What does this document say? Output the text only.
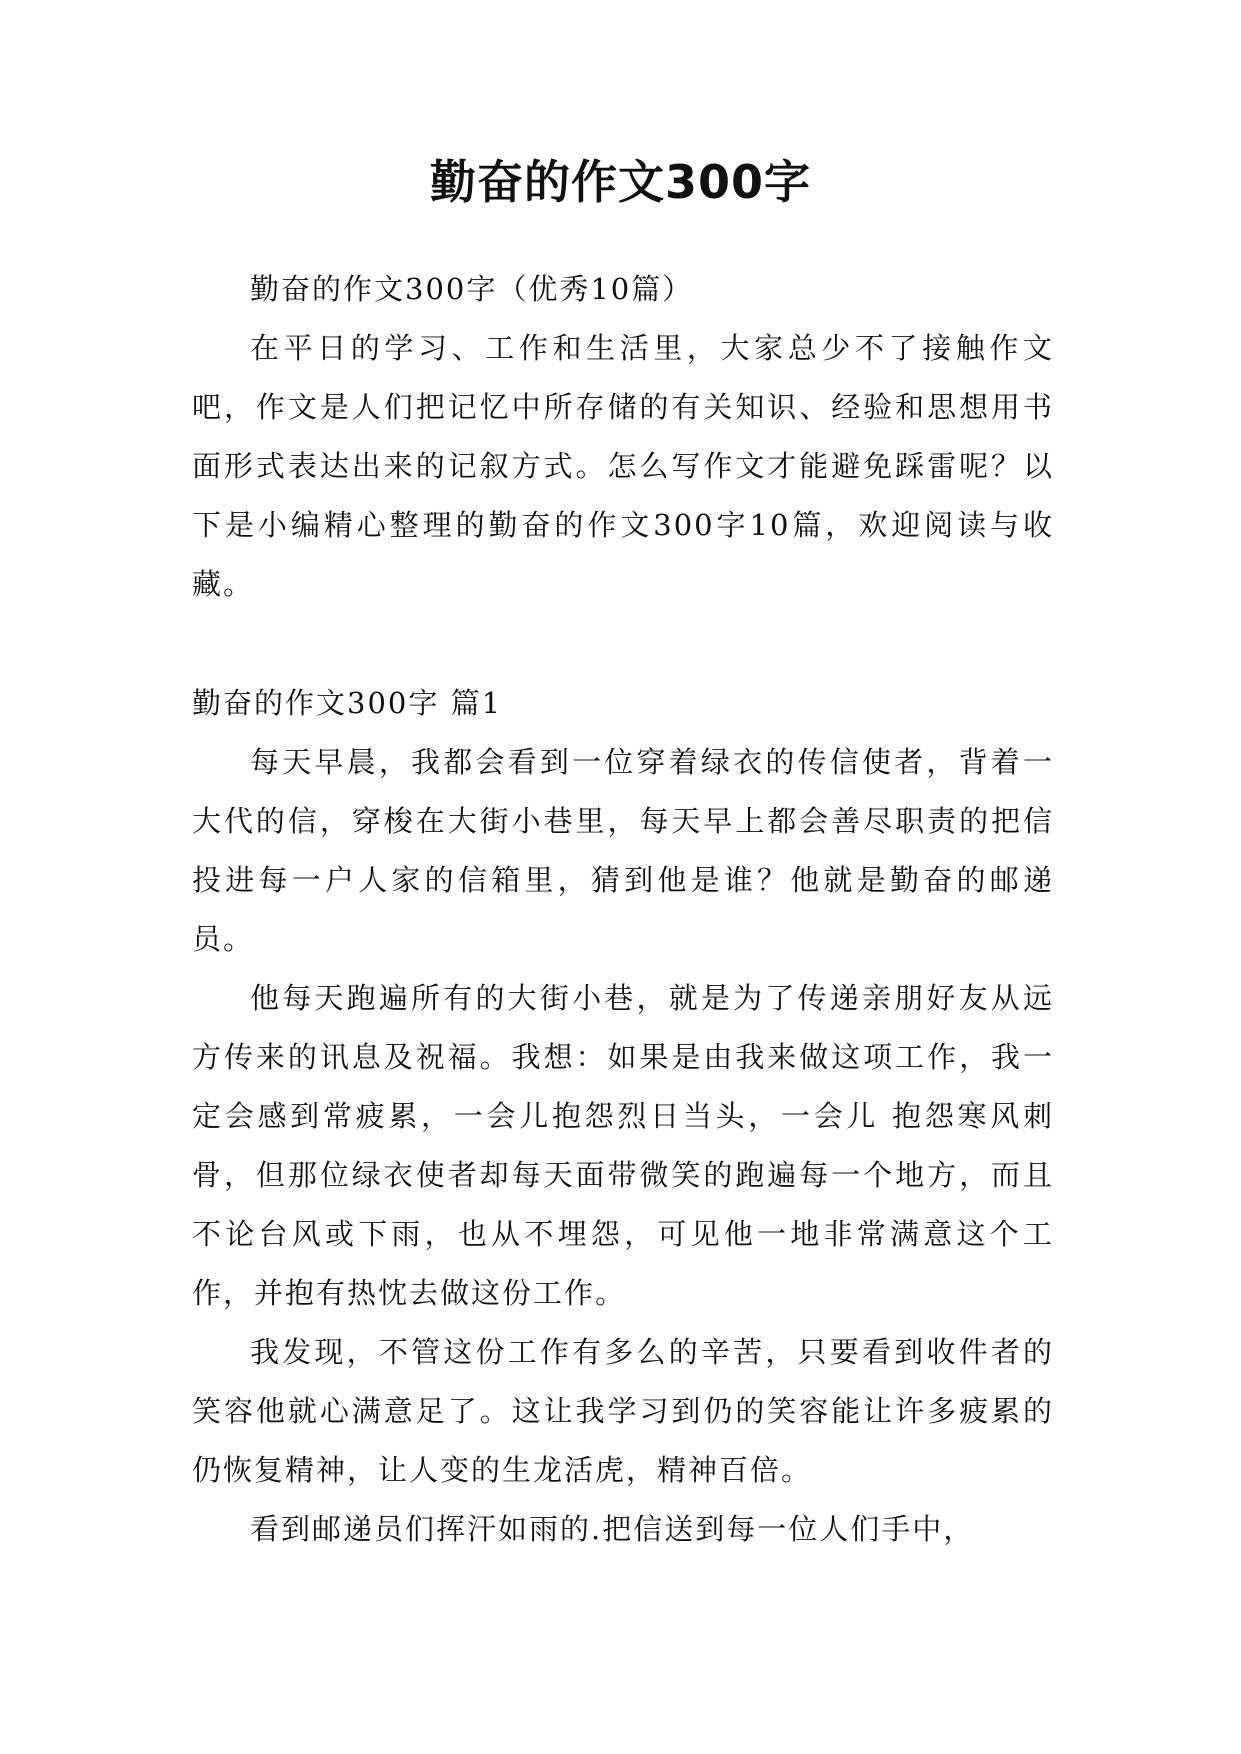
勤奋的作文300字

勤奋的作文300字（优秀10篇）

在平日的学习、工作和生活里，大家总少不了接触作文吧，作文是人们把记忆中所存储的有关知识、经验和思想用书面形式表达出来的记叙方式。怎么写作文才能避免踩雷呢？以下是小编精心整理的勤奋的作文300字10篇，欢迎阅读与收藏。

勤奋的作文300字 篇1

每天早晨，我都会看到一位穿着绿衣的传信使者，背着一大代的信，穿梭在大街小巷里，每天早上都会善尽职责的把信投进每一户人家的信箱里，猜到他是谁？他就是勤奋的邮递员。

他每天跑遍所有的大街小巷，就是为了传递亲朋好友从远方传来的讯息及祝福。我想：如果是由我来做这项工作，我一定会感到常疲累，一会儿抱怨烈日当头，一会儿 抱怨寒风刺骨，但那位绿衣使者却每天面带微笑的跑遍每一个地方，而且不论台风或下雨，也从不埋怨，可见他一地非常满意这个工作，并抱有热忱去做这份工作。

我发现，不管这份工作有多么的辛苦，只要看到收件者的笑容他就心满意足了。这让我学习到仍的笑容能让许多疲累的仍恢复精神，让人变的生龙活虎，精神百倍。

看到邮递员们挥汗如雨的.把信送到每一位人们手中，
